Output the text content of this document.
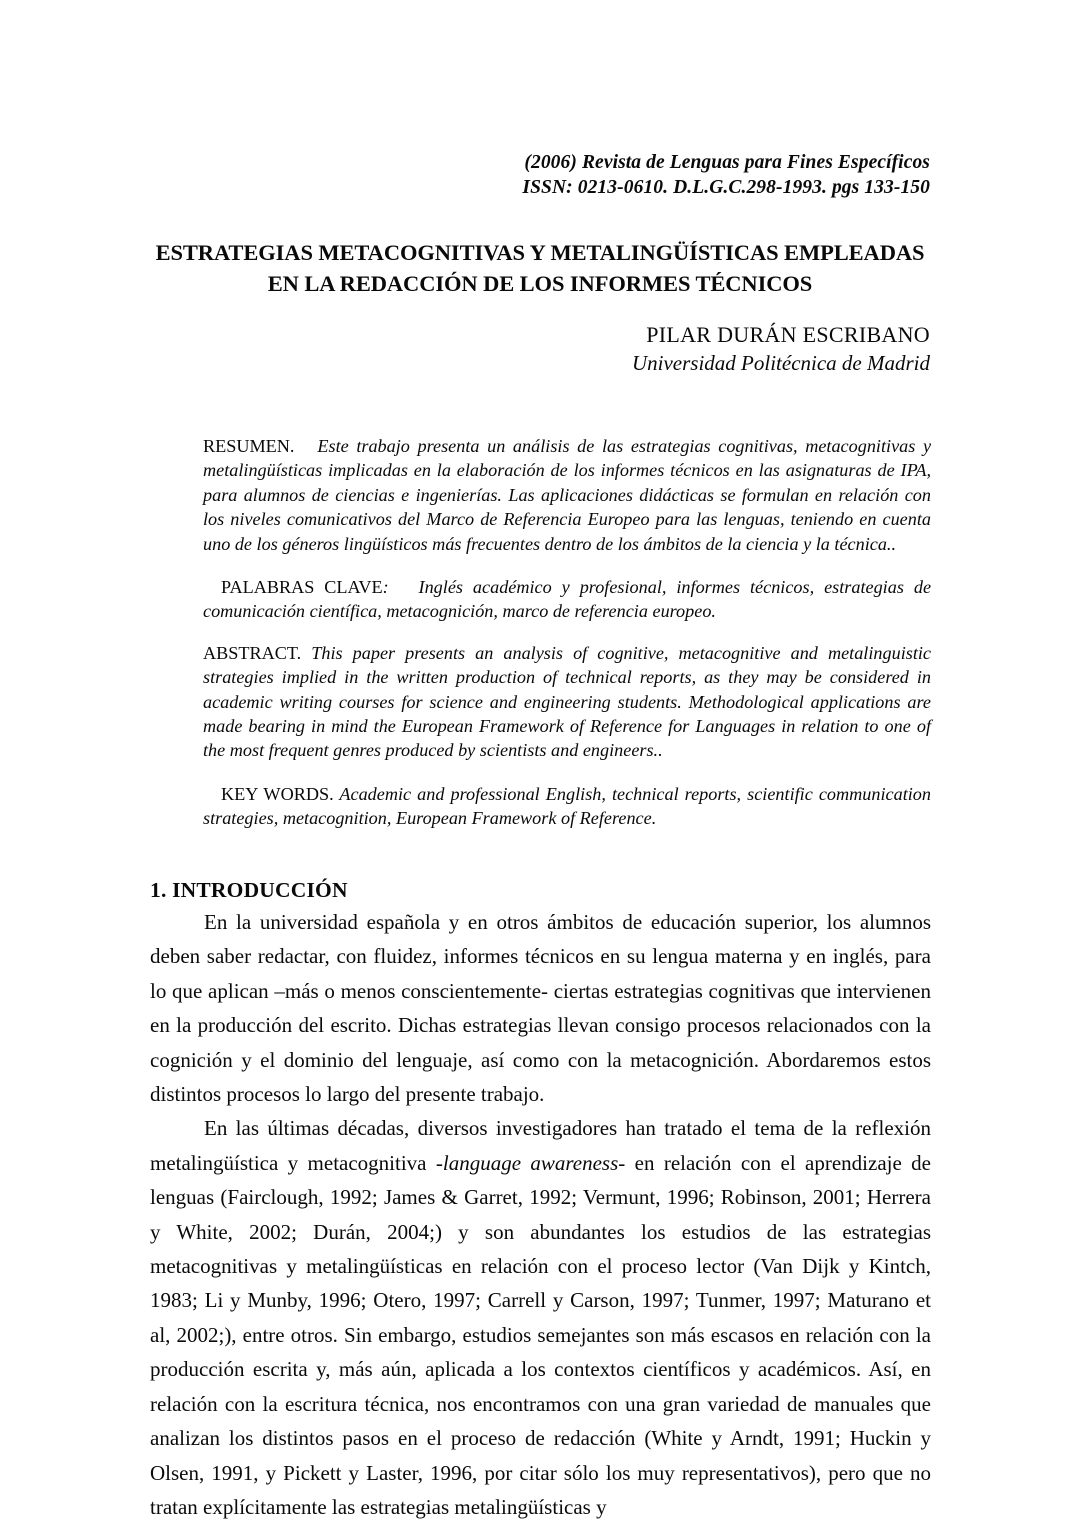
(2006) Revista de Lenguas para Fines Específicos
ISSN: 0213-0610. D.L.G.C.298-1993. pgs 133-150
ESTRATEGIAS METACOGNITIVAS Y METALINGÜÍSTICAS EMPLEADAS
EN LA REDACCIÓN DE LOS INFORMES TÉCNICOS
PILAR DURÁN ESCRIBANO
Universidad Politécnica de Madrid
RESUMEN. Este trabajo presenta un análisis de las estrategias cognitivas, metacognitivas y metalingüísticas implicadas en la elaboración de los informes técnicos en las asignaturas de IPA, para alumnos de ciencias e ingenierías. Las aplicaciones didácticas se formulan en relación con los niveles comunicativos del Marco de Referencia Europeo para las lenguas, teniendo en cuenta uno de los géneros lingüísticos más frecuentes dentro de los ámbitos de la ciencia y la técnica..
PALABRAS CLAVE: Inglés académico y profesional, informes técnicos, estrategias de comunicación científica, metacognición, marco de referencia europeo.
ABSTRACT. This paper presents an analysis of cognitive, metacognitive and metalinguistic strategies implied in the written production of technical reports, as they may be considered in academic writing courses for science and engineering students. Methodological applications are made bearing in mind the European Framework of Reference for Languages in relation to one of the most frequent genres produced by scientists and engineers..
KEY WORDS. Academic and professional English, technical reports, scientific communication strategies, metacognition, European Framework of Reference.
1. INTRODUCCIÓN

En la universidad española y en otros ámbitos de educación superior, los alumnos deben saber redactar, con fluidez, informes técnicos en su lengua materna y en inglés, para lo que aplican –más o menos conscientemente- ciertas estrategias cognitivas que intervienen en la producción del escrito. Dichas estrategias llevan consigo procesos relacionados con la cognición y el dominio del lenguaje, así como con la metacognición. Abordaremos estos distintos procesos lo largo del presente trabajo.

En las últimas décadas, diversos investigadores han tratado el tema de la reflexión metalingüística y metacognitiva -language awareness- en relación con el aprendizaje de lenguas (Fairclough, 1992; James & Garret, 1992; Vermunt, 1996; Robinson, 2001; Herrera y White, 2002; Durán, 2004;) y son abundantes los estudios de las estrategias metacognitivas y metalingüísticas en relación con el proceso lector (Van Dijk y Kintch, 1983; Li y Munby, 1996; Otero, 1997; Carrell y Carson, 1997; Tunmer, 1997; Maturano et al, 2002;), entre otros. Sin embargo, estudios semejantes son más escasos en relación con la producción escrita y, más aún, aplicada a los contextos científicos y académicos. Así, en relación con la escritura técnica, nos encontramos con una gran variedad de manuales que analizan los distintos pasos en el proceso de redacción (White y Arndt, 1991; Huckin y Olsen, 1991, y Pickett y Laster, 1996, por citar sólo los muy representativos), pero que no tratan explícitamente las estrategias metalingüísticas y
